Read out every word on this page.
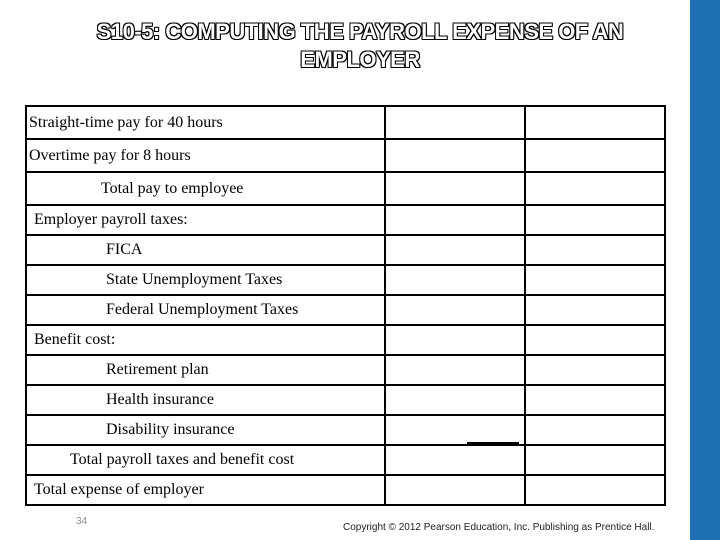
S10-5: COMPUTING THE PAYROLL EXPENSE OF AN
EMPLOYER
Straight-time pay for 40 hours		
Overtime pay for 8 hours		
Total pay to employee		
Employer payroll taxes:		
FICA		
State Unemployment Taxes		
Federal Unemployment Taxes		
Benefit cost:		
Retirement plan		
Health insurance		
Disability insurance		
Total payroll taxes and benefit cost		
Total expense of employer		
34
Copyright © 2012 Pearson Education, Inc. Publishing as Prentice Hall.
